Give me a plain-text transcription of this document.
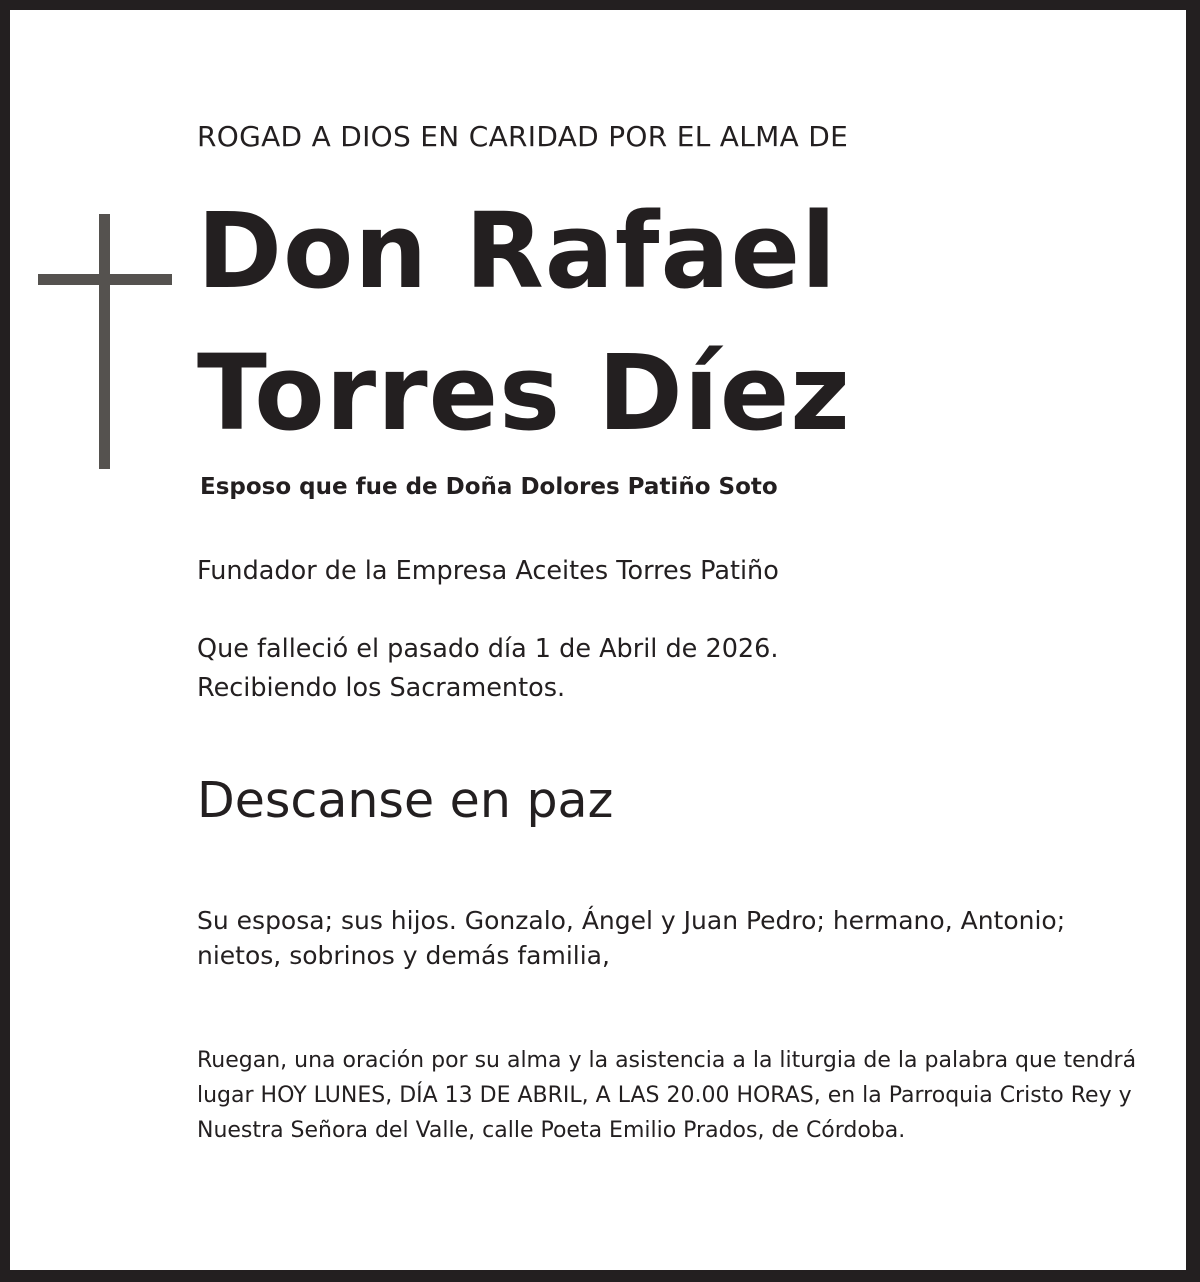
ROGAD A DIOS EN CARIDAD POR EL ALMA DE
Don Rafael
Torres Díez
Esposo que fue de Doña Dolores Patiño Soto
Fundador de la Empresa Aceites Torres Patiño
Que falleció el pasado día 1 de Abril de 2026.
Recibiendo los Sacramentos.
Descanse en paz
Su esposa; sus hijos. Gonzalo, Ángel y Juan Pedro; hermano, Antonio;
nietos, sobrinos y demás familia,
Ruegan, una oración por su alma y la asistencia a la liturgia de la palabra que tendrá
lugar HOY LUNES, DÍA 13 DE ABRIL, A LAS 20.00 HORAS, en la Parroquia Cristo Rey y
Nuestra Señora del Valle, calle Poeta Emilio Prados, de Córdoba.
